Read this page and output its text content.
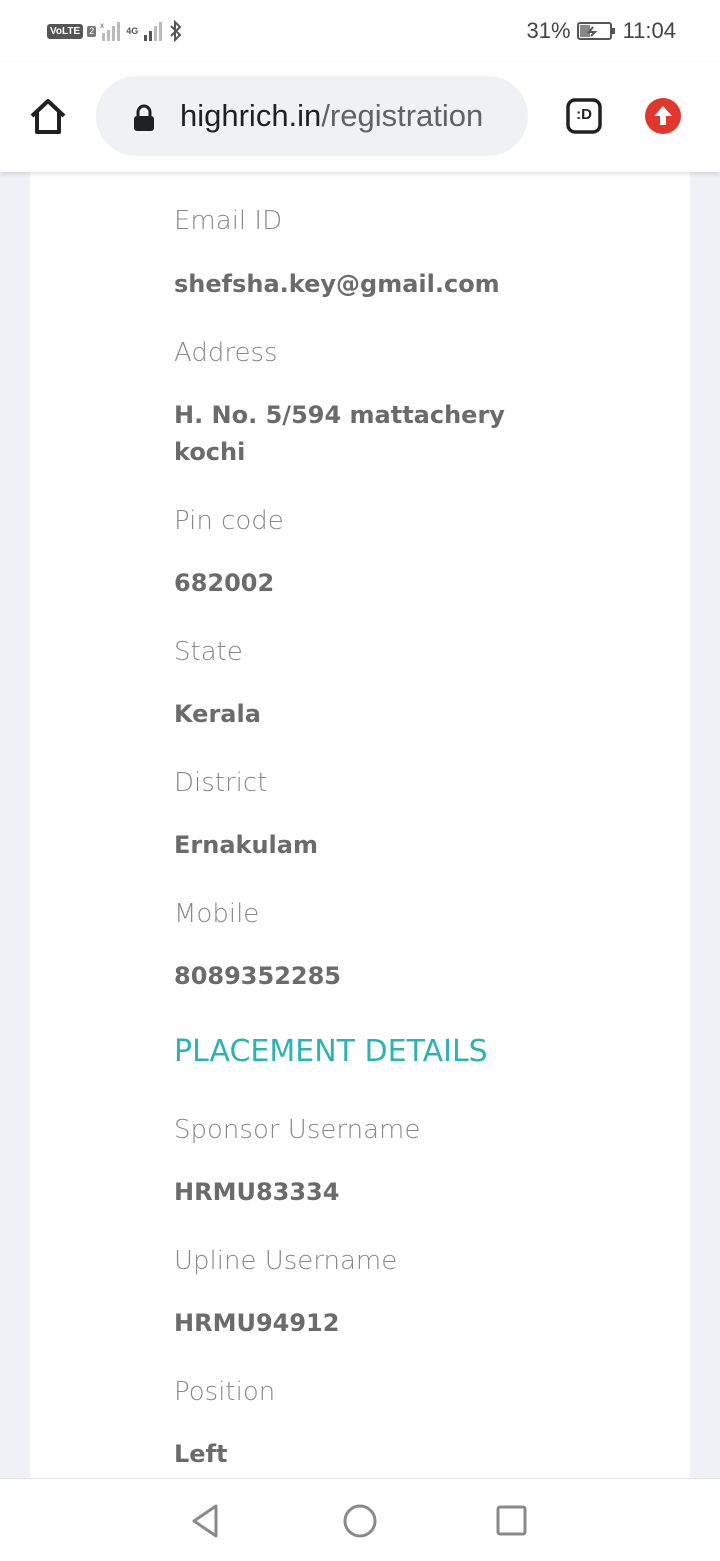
VoLTE	2 x
4G	31% 11:04
highrich.in/registration	:D
Email ID
shefsha.key@gmail.com
Address
H. No. 5/594 mattachery kochi
Pin code
682002
State
Kerala
District
Ernakulam
Mobile
8089352285
PLACEMENT DETAILS
Sponsor Username
HRMU83334
Upline Username
HRMU94912
Position
Left
